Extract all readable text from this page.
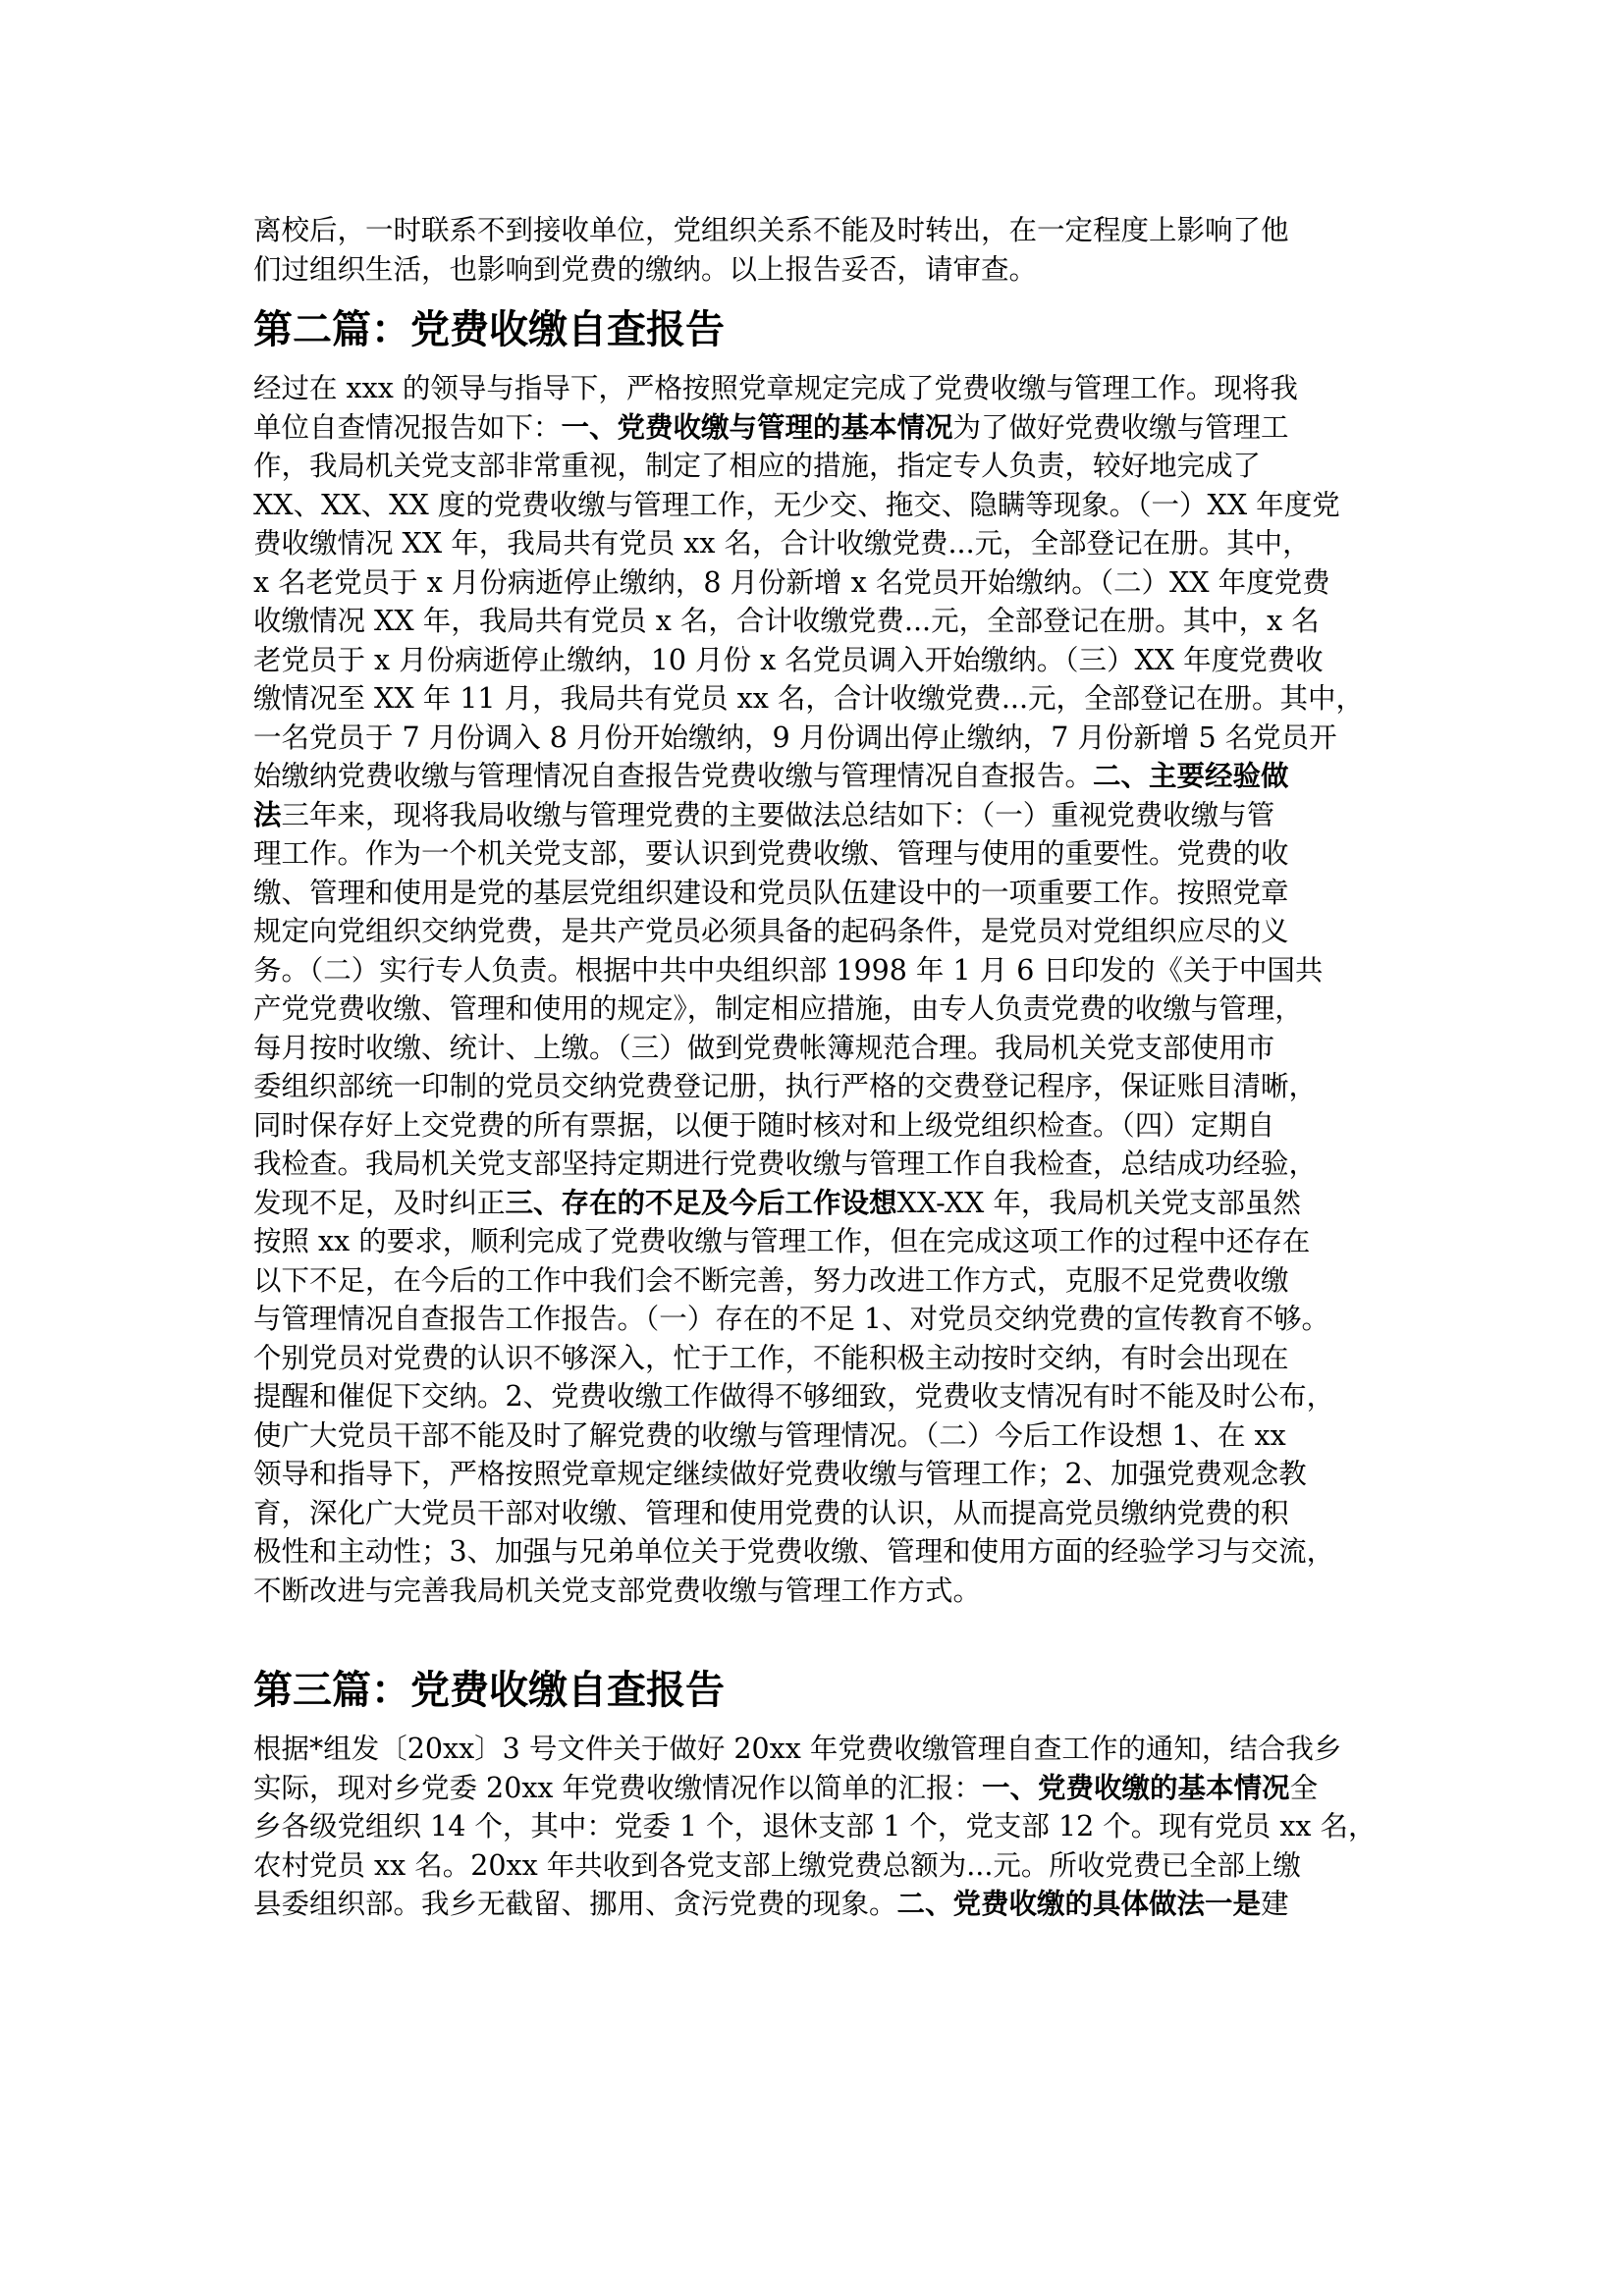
离校后，一时联系不到接收单位，党组织关系不能及时转出，在一定程度上影响了他
们过组织生活，也影响到党费的缴纳。以上报告妥否，请审查。
第二篇：党费收缴自查报告
经过在 xxx 的领导与指导下，严格按照党章规定完成了党费收缴与管理工作。现将我
单位自查情况报告如下：一、党费收缴与管理的基本情况为了做好党费收缴与管理工
作，我局机关党支部非常重视，制定了相应的措施，指定专人负责，较好地完成了
XX、XX、XX 度的党费收缴与管理工作，无少交、拖交、隐瞒等现象。（一）XX 年度党
费收缴情况 XX 年，我局共有党员 xx 名，合计收缴党费...元，全部登记在册。其中，
x 名老党员于 x 月份病逝停止缴纳，8 月份新增 x 名党员开始缴纳。（二）XX 年度党费
收缴情况 XX 年，我局共有党员 x 名，合计收缴党费...元，全部登记在册。其中，x 名
老党员于 x 月份病逝停止缴纳，10 月份 x 名党员调入开始缴纳。（三）XX 年度党费收
缴情况至 XX 年 11 月，我局共有党员 xx 名，合计收缴党费...元，全部登记在册。其中，
一名党员于 7 月份调入 8 月份开始缴纳，9 月份调出停止缴纳，7 月份新增 5 名党员开
始缴纳党费收缴与管理情况自查报告党费收缴与管理情况自查报告。二、主要经验做
法三年来，现将我局收缴与管理党费的主要做法总结如下：（一）重视党费收缴与管
理工作。作为一个机关党支部，要认识到党费收缴、管理与使用的重要性。党费的收
缴、管理和使用是党的基层党组织建设和党员队伍建设中的一项重要工作。按照党章
规定向党组织交纳党费，是共产党员必须具备的起码条件，是党员对党组织应尽的义
务。（二）实行专人负责。根据中共中央组织部 1998 年 1 月 6 日印发的《关于中国共
产党党费收缴、管理和使用的规定》，制定相应措施，由专人负责党费的收缴与管理，
每月按时收缴、统计、上缴。（三）做到党费帐簿规范合理。我局机关党支部使用市
委组织部统一印制的党员交纳党费登记册，执行严格的交费登记程序，保证账目清晰，
同时保存好上交党费的所有票据，以便于随时核对和上级党组织检查。（四）定期自
我检查。我局机关党支部坚持定期进行党费收缴与管理工作自我检查，总结成功经验，
发现不足，及时纠正三、存在的不足及今后工作设想XX-XX 年，我局机关党支部虽然
按照 xx 的要求，顺利完成了党费收缴与管理工作，但在完成这项工作的过程中还存在
以下不足，在今后的工作中我们会不断完善，努力改进工作方式，克服不足党费收缴
与管理情况自查报告工作报告。（一）存在的不足 1、对党员交纳党费的宣传教育不够。
个别党员对党费的认识不够深入，忙于工作，不能积极主动按时交纳，有时会出现在
提醒和催促下交纳。2、党费收缴工作做得不够细致，党费收支情况有时不能及时公布，
使广大党员干部不能及时了解党费的收缴与管理情况。（二）今后工作设想 1、在 xx
领导和指导下，严格按照党章规定继续做好党费收缴与管理工作；2、加强党费观念教
育，深化广大党员干部对收缴、管理和使用党费的认识，从而提高党员缴纳党费的积
极性和主动性；3、加强与兄弟单位关于党费收缴、管理和使用方面的经验学习与交流，
不断改进与完善我局机关党支部党费收缴与管理工作方式。
第三篇：党费收缴自查报告
根据*组发〔20xx〕3 号文件关于做好 20xx 年党费收缴管理自查工作的通知，结合我乡
实际，现对乡党委 20xx 年党费收缴情况作以简单的汇报：一、党费收缴的基本情况全
乡各级党组织 14 个，其中：党委 1 个，退休支部 1 个，党支部 12 个。现有党员 xx 名，
农村党员 xx 名。20xx 年共收到各党支部上缴党费总额为...元。所收党费已全部上缴
县委组织部。我乡无截留、挪用、贪污党费的现象。二、党费收缴的具体做法一是建
